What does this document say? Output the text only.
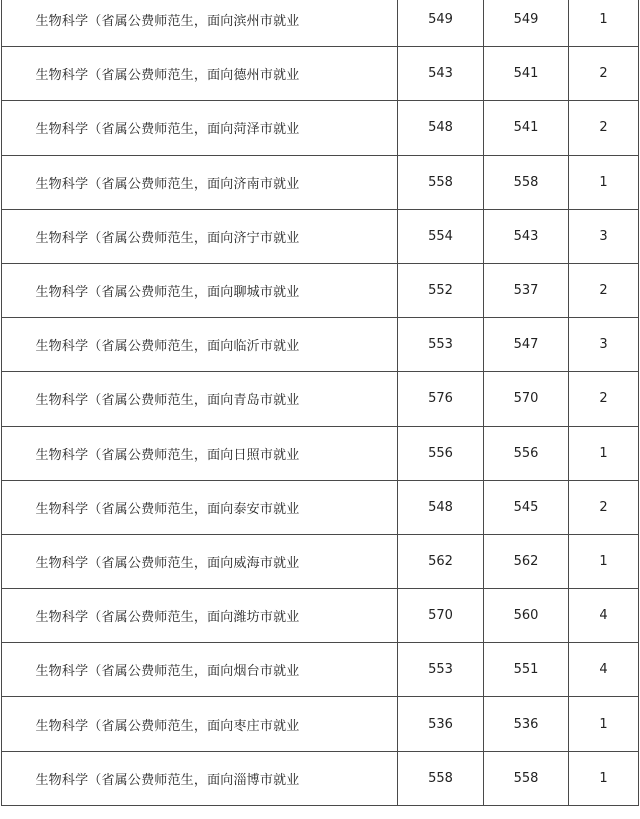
生物科学（省属公费师范生，面向滨州市就业	549	549	1
生物科学（省属公费师范生，面向德州市就业	543	541	2
生物科学（省属公费师范生，面向菏泽市就业	548	541	2
生物科学（省属公费师范生，面向济南市就业	558	558	1
生物科学（省属公费师范生，面向济宁市就业	554	543	3
生物科学（省属公费师范生，面向聊城市就业	552	537	2
生物科学（省属公费师范生，面向临沂市就业	553	547	3
生物科学（省属公费师范生，面向青岛市就业	576	570	2
生物科学（省属公费师范生，面向日照市就业	556	556	1
生物科学（省属公费师范生，面向泰安市就业	548	545	2
生物科学（省属公费师范生，面向威海市就业	562	562	1
生物科学（省属公费师范生，面向潍坊市就业	570	560	4
生物科学（省属公费师范生，面向烟台市就业	553	551	4
生物科学（省属公费师范生，面向枣庄市就业	536	536	1
生物科学（省属公费师范生，面向淄博市就业	558	558	1
